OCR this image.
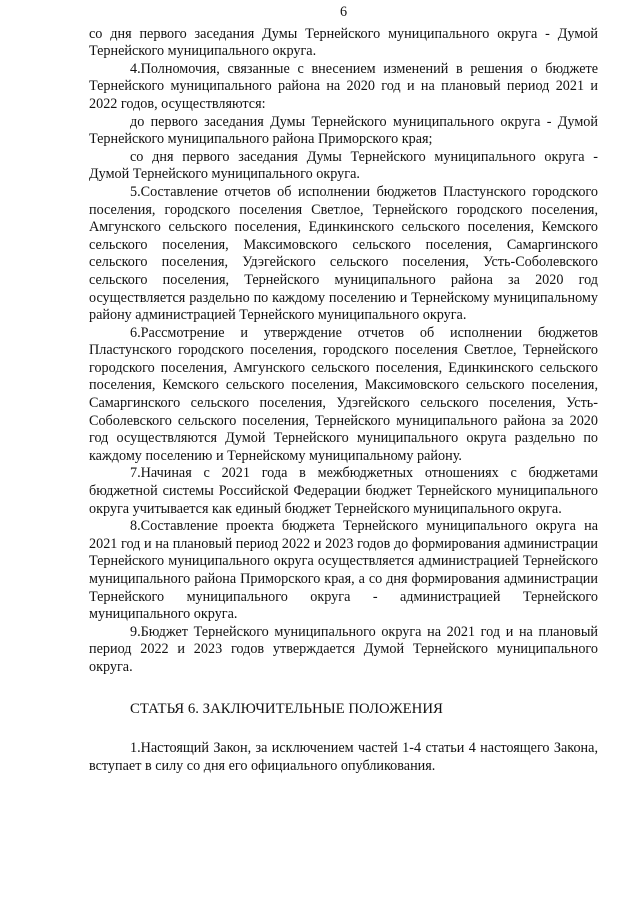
6

со дня первого заседания Думы Тернейского муниципального округа - Думой Тернейского муниципального округа.

4.Полномочия, связанные с внесением изменений в решения о бюджете Тернейского муниципального района на 2020 год и на плановый период 2021 и 2022 годов, осуществляются:

до первого заседания Думы Тернейского муниципального округа - Думой Тернейского муниципального района Приморского края;

со дня первого заседания Думы Тернейского муниципального округа - Думой Тернейского муниципального округа.

5.Составление отчетов об исполнении бюджетов Пластунского городского поселения, городского поселения Светлое, Тернейского городского поселения, Амгунского сельского поселения, Единкинского сельского поселения, Кемского сельского поселения, Максимовского сельского поселения, Самаргинского сельского поселения, Удэгейского сельского поселения, Усть-Соболевского сельского поселения, Тернейского муниципального района за 2020 год осуществляется раздельно по каждому поселению и Тернейскому муниципальному району администрацией Тернейского муниципального округа.

6.Рассмотрение и утверждение отчетов об исполнении бюджетов Пластунского городского поселения, городского поселения Светлое, Тернейского городского поселения, Амгунского сельского поселения, Единкинского сельского поселения, Кемского сельского поселения, Максимовского сельского поселения, Самаргинского сельского поселения, Удэгейского сельского поселения, Усть-Соболевского сельского поселения, Тернейского муниципального района за 2020 год осуществляются Думой Тернейского муниципального округа раздельно по каждому поселению и Тернейскому муниципальному району.

7.Начиная с 2021 года в межбюджетных отношениях с бюджетами бюджетной системы Российской Федерации бюджет Тернейского муниципального округа учитывается как единый бюджет Тернейского муниципального округа.

8.Составление проекта бюджета Тернейского муниципального округа на 2021 год и на плановый период 2022 и 2023 годов до формирования администрации Тернейского муниципального округа осуществляется администрацией Тернейского муниципального района Приморского края, а со дня формирования администрации Тернейского муниципального округа - администрацией Тернейского муниципального округа.

9.Бюджет Тернейского муниципального округа на 2021 год и на плановый период 2022 и 2023 годов утверждается Думой Тернейского муниципального округа.

СТАТЬЯ 6. ЗАКЛЮЧИТЕЛЬНЫЕ ПОЛОЖЕНИЯ

1.Настоящий Закон, за исключением частей 1-4 статьи 4 настоящего Закона, вступает в силу со дня его официального опубликования.
